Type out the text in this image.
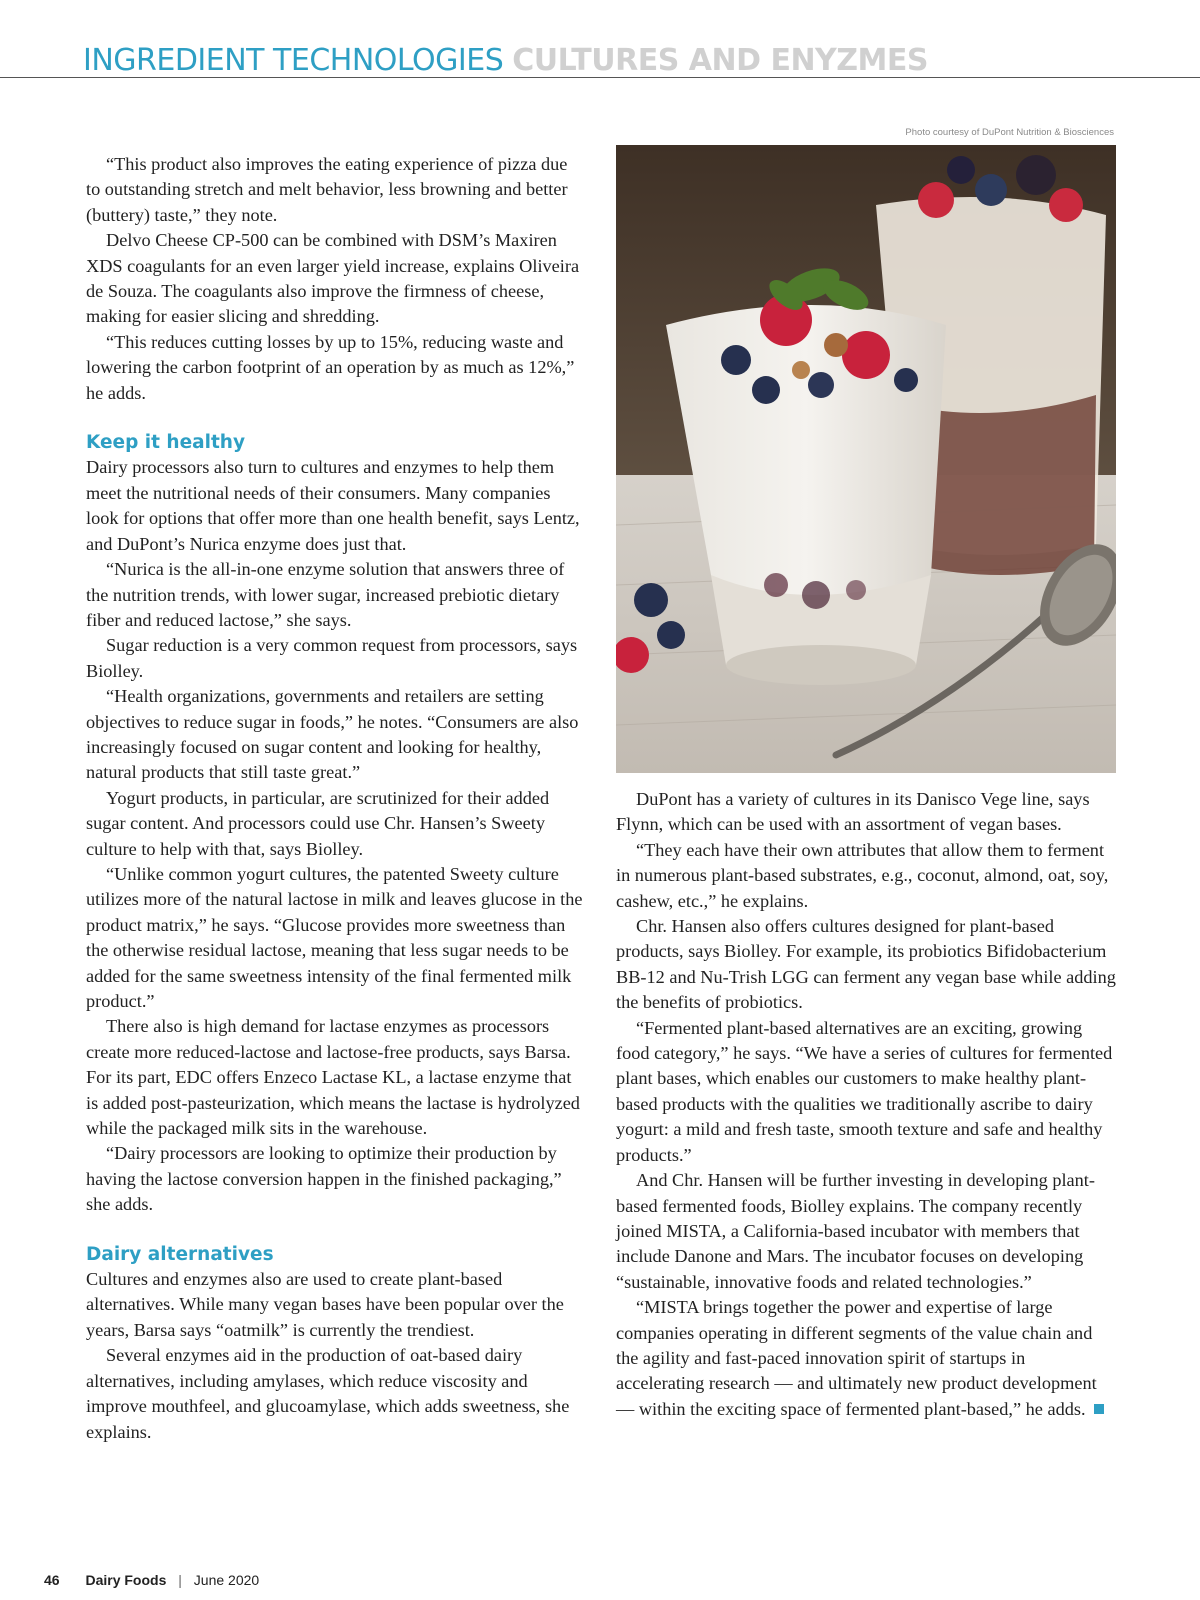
INGREDIENT TECHNOLOGIES CULTURES AND ENYZMES
Photo courtesy of DuPont Nutrition & Biosciences

“This product also improves the eating experience of pizza due to outstanding stretch and melt behavior, less browning and better (buttery) taste,” they note.

Delvo Cheese CP-500 can be combined with DSM’s Maxiren XDS coagulants for an even larger yield increase, explains Oliveira de Souza. The coagulants also improve the firmness of cheese, making for easier slicing and shredding.

“This reduces cutting losses by up to 15%, reducing waste and lowering the carbon footprint of an operation by as much as 12%,” he adds.

Keep it healthy

Dairy processors also turn to cultures and enzymes to help them meet the nutritional needs of their consumers. Many companies look for options that offer more than one health benefit, says Lentz, and DuPont’s Nurica enzyme does just that.

“Nurica is the all-in-one enzyme solution that answers three of the nutrition trends, with lower sugar, increased prebiotic dietary fiber and reduced lactose,” she says.

Sugar reduction is a very common request from processors, says Biolley.

“Health organizations, governments and retailers are setting objectives to reduce sugar in foods,” he notes. “Consumers are also increasingly focused on sugar content and looking for healthy, natural products that still taste great.”

Yogurt products, in particular, are scrutinized for their added sugar content. And processors could use Chr. Hansen’s Sweety culture to help with that, says Biolley.

“Unlike common yogurt cultures, the patented Sweety culture utilizes more of the natural lactose in milk and leaves glucose in the product matrix,” he says. “Glucose provides more sweetness than the otherwise residual lactose, meaning that less sugar needs to be added for the same sweetness intensity of the final fermented milk product.”

There also is high demand for lactase enzymes as processors create more reduced-lactose and lactose-free products, says Barsa. For its part, EDC offers Enzeco Lactase KL, a lactase enzyme that is added post-pasteurization, which means the lactase is hydrolyzed while the packaged milk sits in the warehouse.

“Dairy processors are looking to optimize their production by having the lactose conversion happen in the finished packaging,” she adds.

Dairy alternatives

Cultures and enzymes also are used to create plant-based alternatives. While many vegan bases have been popular over the years, Barsa says “oatmilk” is currently the trendiest.

Several enzymes aid in the production of oat-based dairy alternatives, including amylases, which reduce viscosity and improve mouthfeel, and glucoamylase, which adds sweetness, she explains.

DuPont has a variety of cultures in its Danisco Vege line, says Flynn, which can be used with an assortment of vegan bases.

“They each have their own attributes that allow them to ferment in numerous plant-based substrates, e.g., coconut, almond, oat, soy, cashew, etc.,” he explains.

Chr. Hansen also offers cultures designed for plant-based products, says Biolley. For example, its probiotics Bifidobacterium BB-12 and Nu-Trish LGG can ferment any vegan base while adding the benefits of probiotics.

“Fermented plant-based alternatives are an exciting, growing food category,” he says. “We have a series of cultures for fermented plant bases, which enables our customers to make healthy plant-based products with the qualities we traditionally ascribe to dairy yogurt: a mild and fresh taste, smooth texture and safe and healthy products.”

And Chr. Hansen will be further investing in developing plant-based fermented foods, Biolley explains. The company recently joined MISTA, a California-based incubator with members that include Danone and Mars. The incubator focuses on developing “sustainable, innovative foods and related technologies.”

“MISTA brings together the power and expertise of large companies operating in different segments of the value chain and the agility and fast-paced innovation spirit of startups in accelerating research — and ultimately new product development — within the exciting space of fermented plant-based,” he adds.

46 Dairy Foods | June 2020
